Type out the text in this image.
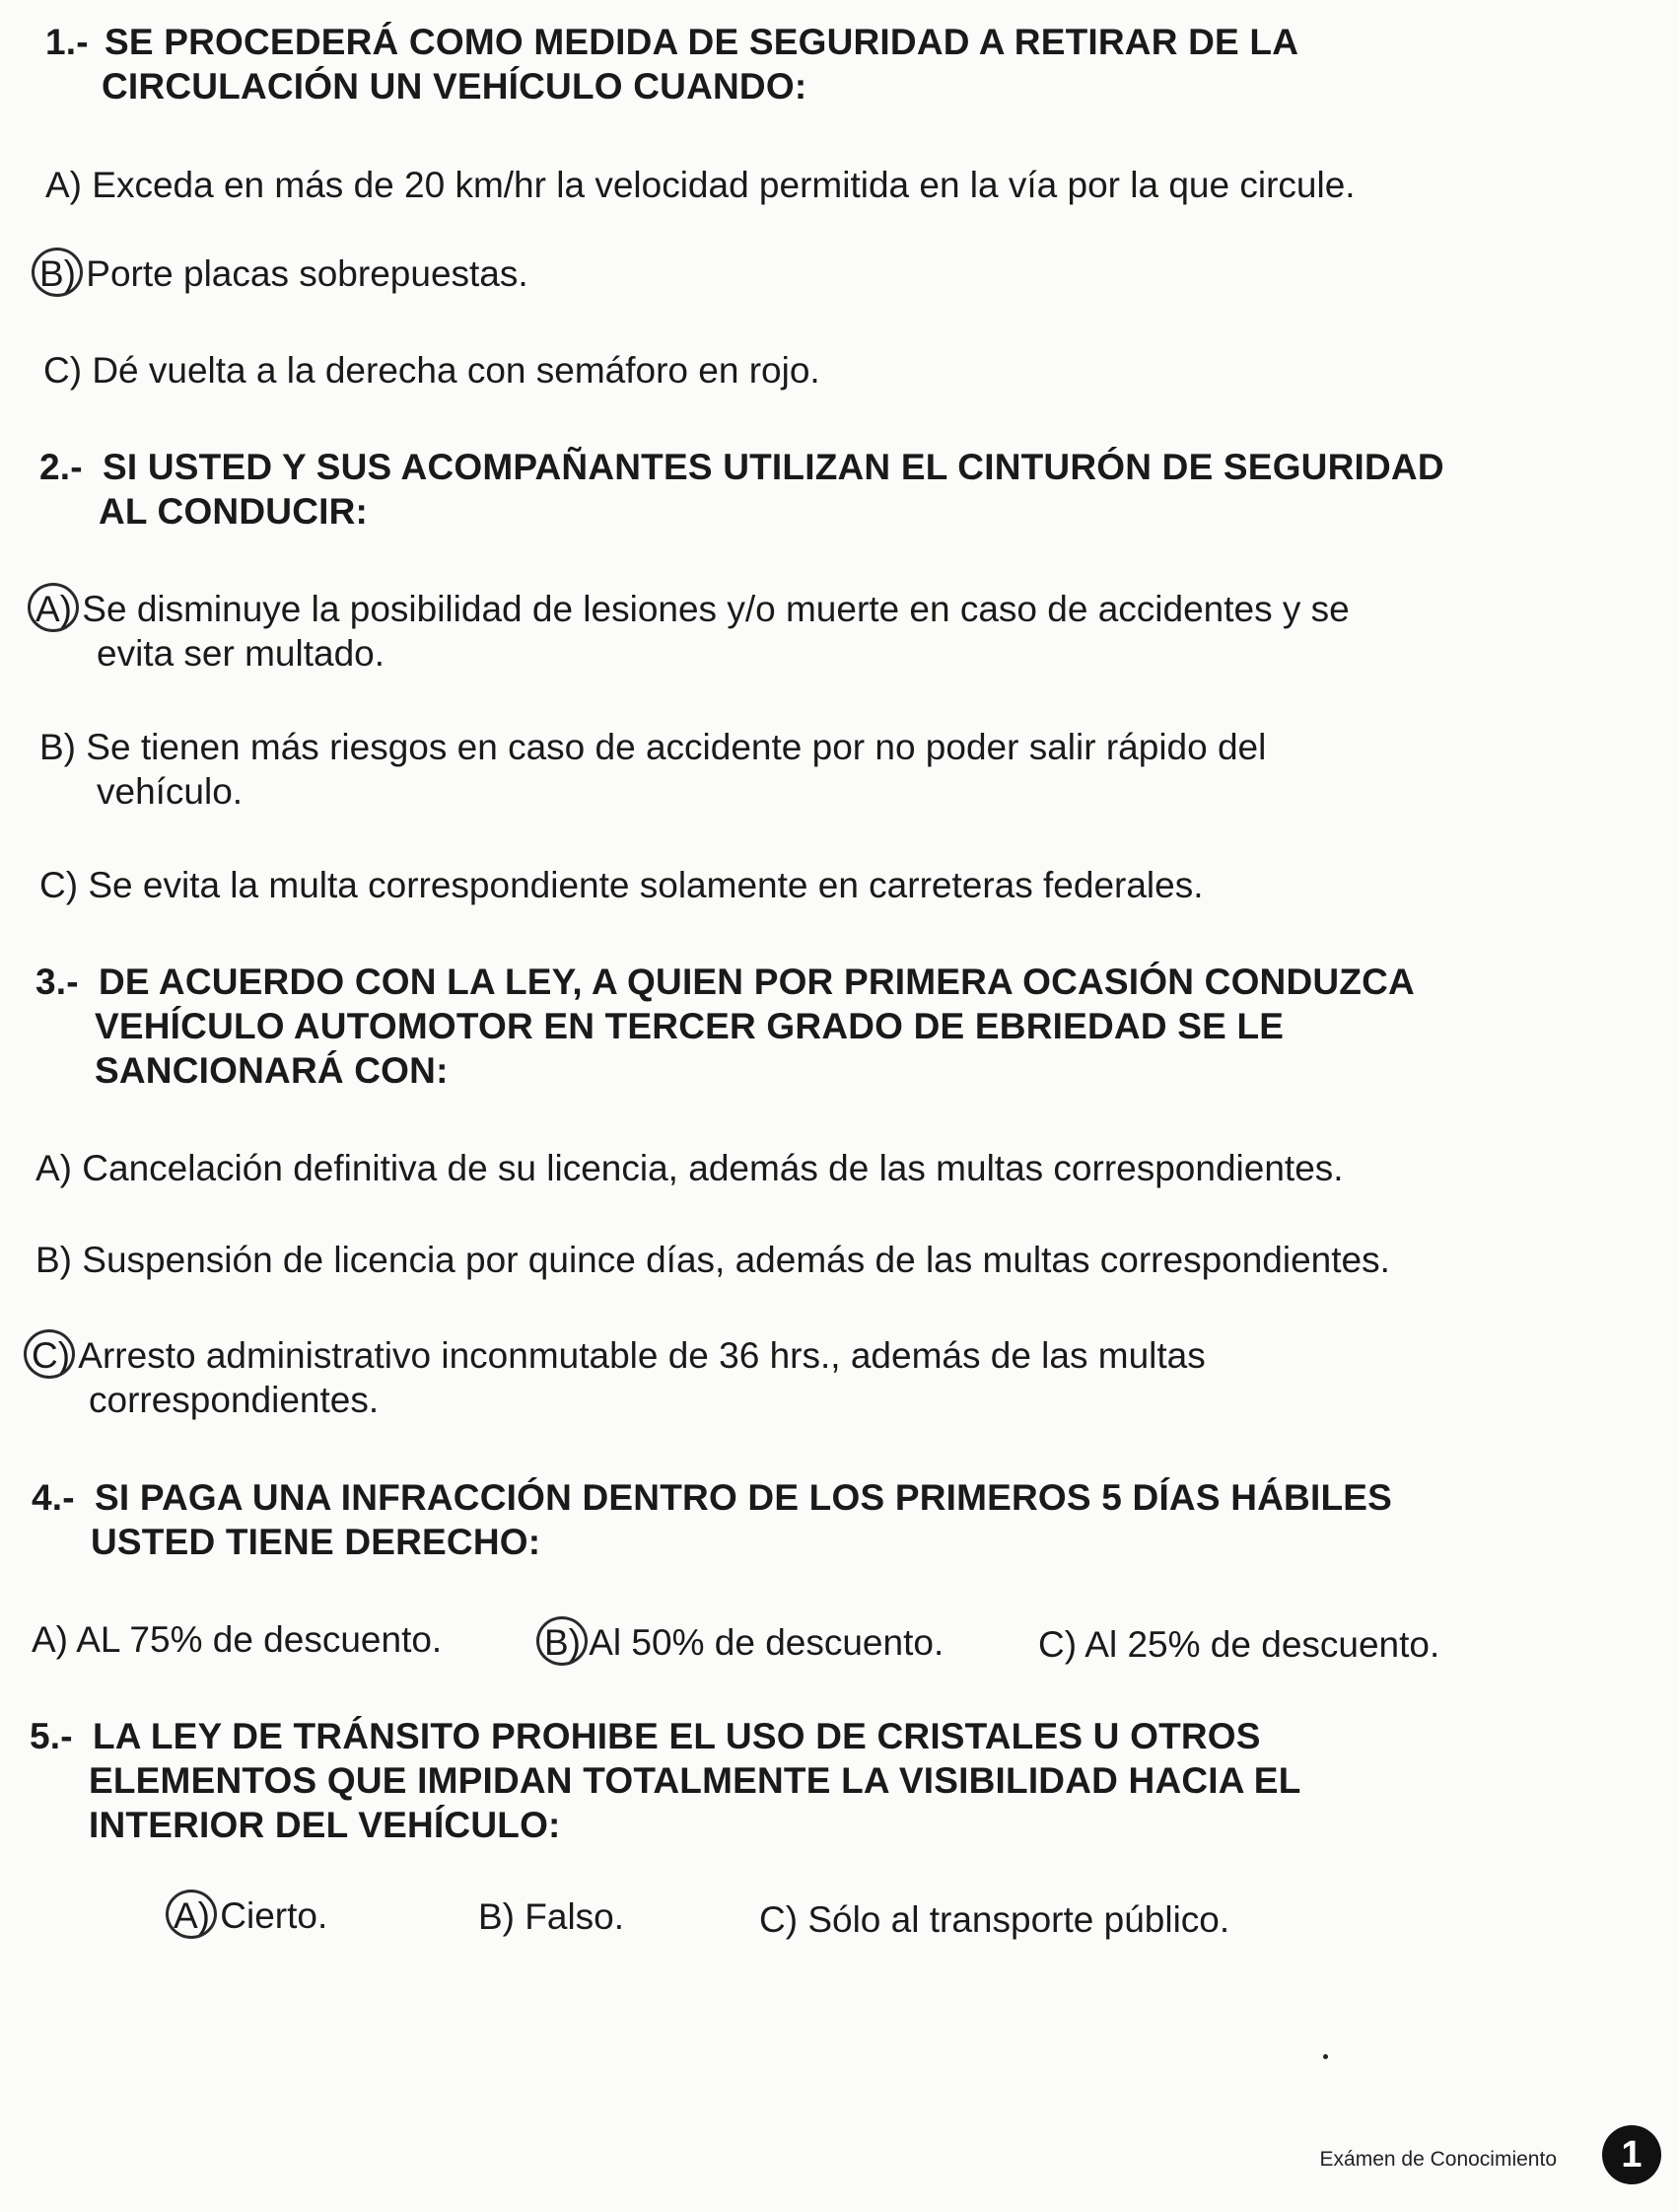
1.- SE PROCEDERÁ COMO MEDIDA DE SEGURIDAD A RETIRAR DE LA
CIRCULACIÓN UN VEHÍCULO CUANDO:
A) Exceda en más de 20 km/hr la velocidad permitida en la vía por la que circule.
B) Porte placas sobrepuestas.
C) Dé vuelta a la derecha con semáforo en rojo.
2.- SI USTED Y SUS ACOMPAÑANTES UTILIZAN EL CINTURÓN DE SEGURIDAD
AL CONDUCIR:
A) Se disminuye la posibilidad de lesiones y/o muerte en caso de accidentes y se
evita ser multado.
B) Se tienen más riesgos en caso de accidente por no poder salir rápido del
vehículo.
C) Se evita la multa correspondiente solamente en carreteras federales.
3.- DE ACUERDO CON LA LEY, A QUIEN POR PRIMERA OCASIÓN CONDUZCA
VEHÍCULO AUTOMOTOR EN TERCER GRADO DE EBRIEDAD SE LE
SANCIONARÁ CON:
A) Cancelación definitiva de su licencia, además de las multas correspondientes.
B) Suspensión de licencia por quince días, además de las multas correspondientes.
C) Arresto administrativo inconmutable de 36 hrs., además de las multas
correspondientes.
4.- SI PAGA UNA INFRACCIÓN DENTRO DE LOS PRIMEROS 5 DÍAS HÁBILES
USTED TIENE DERECHO:
A) AL 75% de descuento.	B) Al 50% de descuento.	C) Al 25% de descuento.
5.- LA LEY DE TRÁNSITO PROHIBE EL USO DE CRISTALES U OTROS
ELEMENTOS QUE IMPIDAN TOTALMENTE LA VISIBILIDAD HACIA EL
INTERIOR DEL VEHÍCULO:
A) Cierto.	B) Falso.	C) Sólo al transporte público.
Exámen de Conocimiento	1
